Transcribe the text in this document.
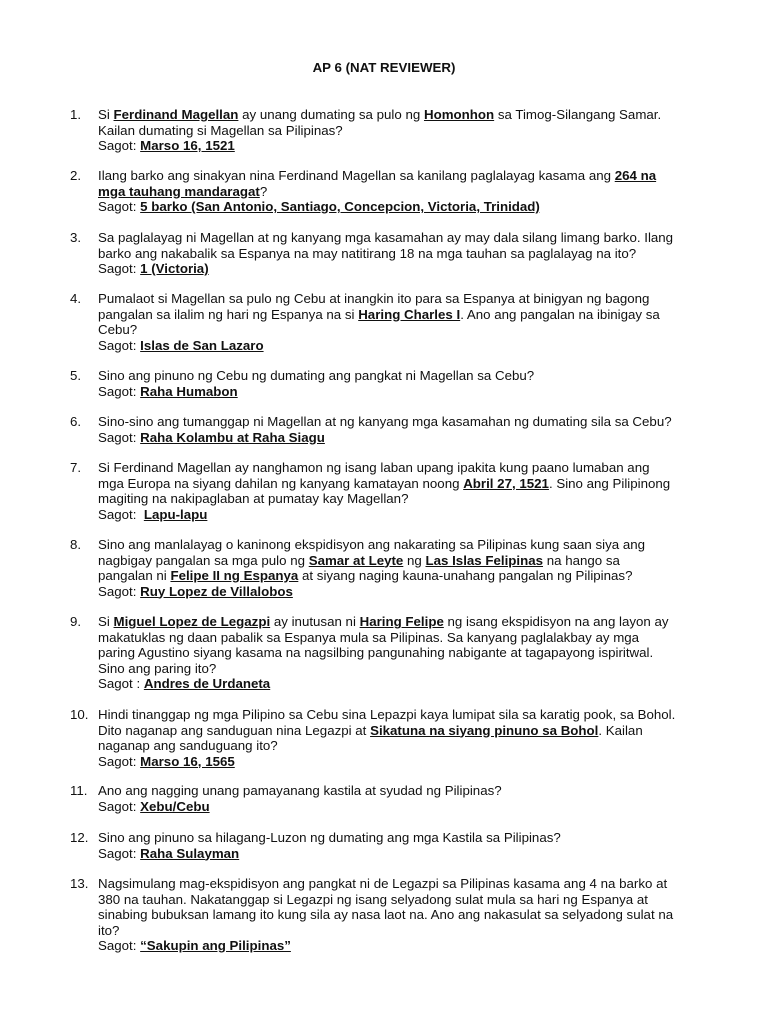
AP 6 (NAT REVIEWER)
1.	Si Ferdinand Magellan ay unang dumating sa pulo ng Homonhon sa Timog-Silangang Samar.

Kailan dumating si Magellan sa Pilipinas?

Sagot: Marso 16, 1521
2.	Ilang barko ang sinakyan nina Ferdinand Magellan sa kanilang paglalayag kasama ang 264 na

mga tauhang mandaragat?

Sagot: 5 barko (San Antonio, Santiago, Concepcion, Victoria, Trinidad)
3.	Sa paglalayag ni Magellan at ng kanyang mga kasamahan ay may dala silang limang barko. Ilang

barko ang nakabalik sa Espanya na may natitirang 18 na mga tauhan sa paglalayag na ito?

Sagot: 1 (Victoria)
4.	Pumalaot si Magellan sa pulo ng Cebu at inangkin ito para sa Espanya at binigyan ng bagong

pangalan sa ilalim ng hari ng Espanya na si Haring Charles I. Ano ang pangalan na ibinigay sa

Cebu?

Sagot: Islas de San Lazaro
5.	Sino ang pinuno ng Cebu ng dumating ang pangkat ni Magellan sa Cebu?

Sagot: Raha Humabon
6.	Sino-sino ang tumanggap ni Magellan at ng kanyang mga kasamahan ng dumating sila sa Cebu?

Sagot: Raha Kolambu at Raha Siagu
7.	Si Ferdinand Magellan ay nanghamon ng isang laban upang ipakita kung paano lumaban ang

mga Europa na siyang dahilan ng kanyang kamatayan noong Abril 27, 1521. Sino ang Pilipinong

magiting na nakipaglaban at pumatay kay Magellan?

Sagot: Lapu-lapu
8.	Sino ang manlalayag o kaninong ekspidisyon ang nakarating sa Pilipinas kung saan siya ang

nagbigay pangalan sa mga pulo ng Samar at Leyte ng Las Islas Felipinas na hango sa

pangalan ni Felipe II ng Espanya at siyang naging kauna-unahang pangalan ng Pilipinas?

Sagot: Ruy Lopez de Villalobos
9.	Si Miguel Lopez de Legazpi ay inutusan ni Haring Felipe ng isang ekspidisyon na ang layon ay

makatuklas ng daan pabalik sa Espanya mula sa Pilipinas. Sa kanyang paglalakbay ay mga

paring Agustino siyang kasama na nagsilbing pangunahing nabigante at tagapayong ispiritwal.

Sino ang paring ito?

Sagot : Andres de Urdaneta
10. Hindi tinanggap ng mga Pilipino sa Cebu sina Lepazpi kaya lumipat sila sa karatig pook, sa Bohol.

Dito naganap ang sanduguan nina Legazpi at Sikatuna na siyang pinuno sa Bohol. Kailan

naganap ang sanduguang ito?

Sagot: Marso 16, 1565
11. Ano ang nagging unang pamayanang kastila at syudad ng Pilipinas?

Sagot: Xebu/Cebu
12. Sino ang pinuno sa hilagang-Luzon ng dumating ang mga Kastila sa Pilipinas?

Sagot: Raha Sulayman
13. Nagsimulang mag-ekspidisyon ang pangkat ni de Legazpi sa Pilipinas kasama ang 4 na barko at

380 na tauhan. Nakatanggap si Legazpi ng isang selyadong sulat mula sa hari ng Espanya at

sinabing bubuksan lamang ito kung sila ay nasa laot na. Ano ang nakasulat sa selyadong sulat na

ito?

Sagot: “Sakupin ang Pilipinas”
